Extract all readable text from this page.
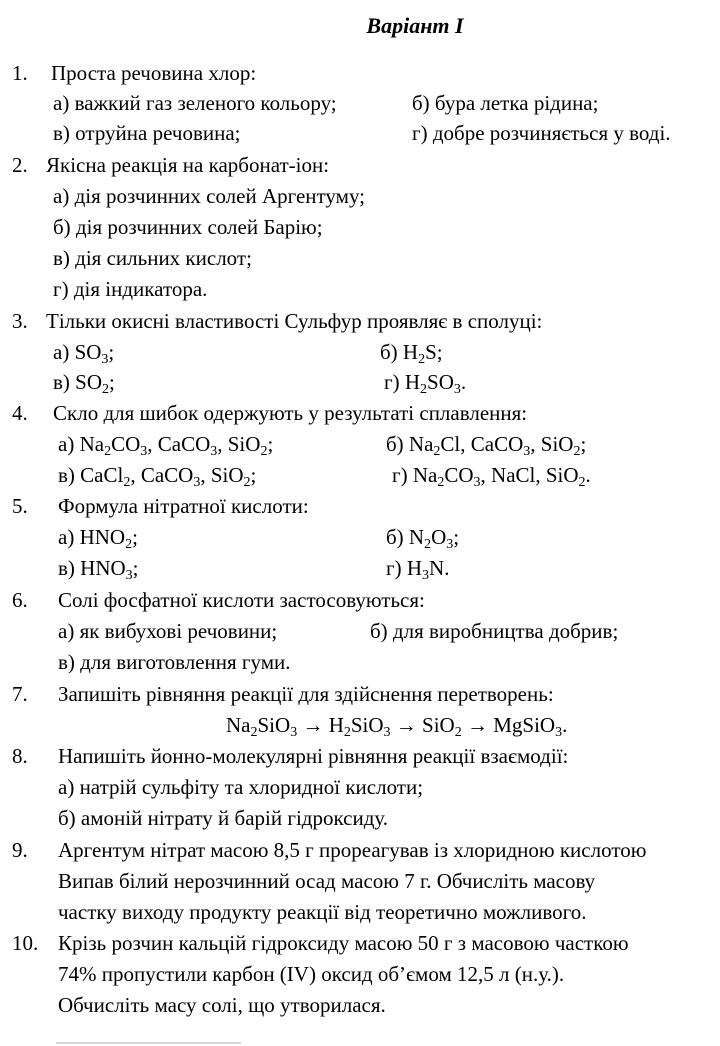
Варіант І
1. Проста речовина хлор:
а) важкий газ зеленого кольору;	б) бура летка рідина;
в) отруйна речовина;	г) добре розчиняється у воді.
2. Якісна реакція на карбонат-іон:
а) дія розчинних солей Аргентуму;
б) дія розчинних солей Барію;
в) дія сильних кислот;
г) дія індикатора.
3. Тільки окисні властивості Сульфур проявляє в сполуці:
а) $SO_3$;	б) $H_2S$;
в) $SO_2$;	г) $H_2SO_3$.
4. Скло для шибок одержують у результаті сплавлення:
а) $Na_2CO_3$, CaCO$_3$, SiO$_2$;	б) $Na_2Cl$, CaCO$_3$, SiO$_2$;
в) CaCl$_2$, CaCO$_3$, SiO$_2$;	г) $Na_2CO_3$, NaCl, SiO$_2$.
5. Формула нітратної кислоти:
а) $HNO_2$;	б) $N_2O_3$;
в) $HNO_3$;	г) $H_3N$.
6. Солі фосфатної кислоти застосовуються:
а) як вибухові речовини;	б) для виробництва добрив;
в) для виготовлення гуми.
7. Запишіть рівняння реакції для здійснення перетворень:
$Na_2SiO_3 \to H_2SiO_3 \to SiO_2$ → MgSiO$_3$.
8. Напишіть йонно-молекулярні рівняння реакції взаємодії:
а) натрій сульфіту та хлоридної кислоти;
б) амоній нітрату й барій гідроксиду.
9. Аргентум нітрат масою 8,5 г прореагував із хлоридною кислотою
Випав білий нерозчинний осад масою 7 г. Обчисліть масову
частку виходу продукту реакції від теоретично можливого.
10. Крізь розчин кальцій гідроксиду масою 50 г з масовою часткою
74% пропустили карбон (IV) оксид об’ємом 12,5 л (н.у.).
Обчисліть масу солі, що утворилася.
